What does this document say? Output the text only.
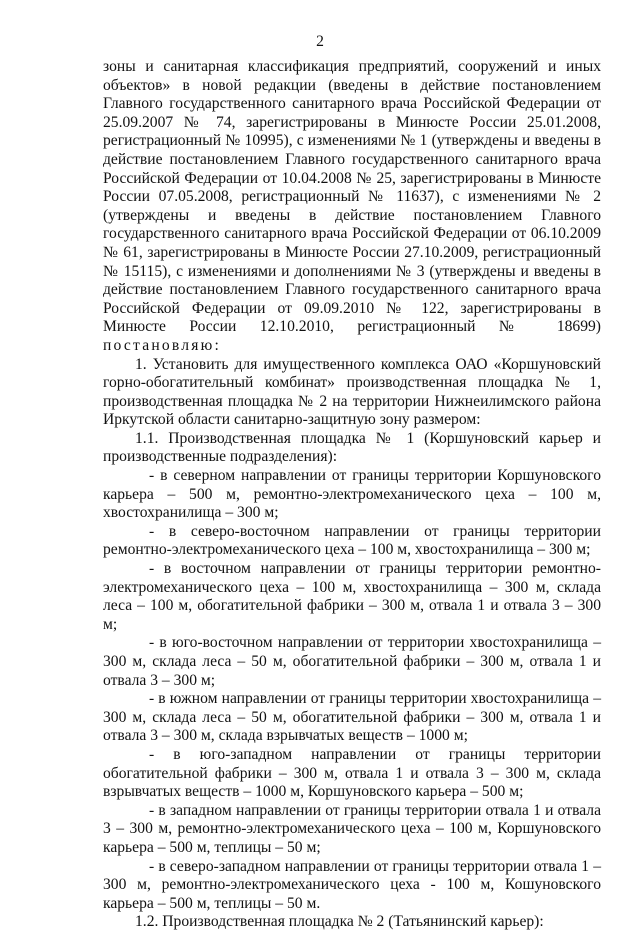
2

зоны и санитарная классификация предприятий, сооружений и иных объектов» в новой редакции (введены в действие постановлением Главного государственного санитарного врача Российской Федерации от 25.09.2007 № 74, зарегистрированы в Минюсте России 25.01.2008, регистрационный № 10995), с изменениями № 1 (утверждены и введены в действие постановлением Главного государственного санитарного врача Российской Федерации от 10.04.2008 № 25, зарегистрированы в Минюсте России 07.05.2008, регистрационный № 11637), с изменениями № 2 (утверждены и введены в действие постановлением Главного государственного санитарного врача Российской Федерации от 06.10.2009 № 61, зарегистрированы в Минюсте России 27.10.2009, регистрационный № 15115), с изменениями и дополнениями № 3 (утверждены и введены в действие постановлением Главного государственного санитарного врача Российской Федерации от 09.09.2010 № 122, зарегистрированы в Минюсте России 12.10.2010, регистрационный № 18699) постановляю:

1. Установить для имущественного комплекса ОАО «Коршуновский горно-обогатительный комбинат» производственная площадка № 1, производственная площадка № 2 на территории Нижнеилимского района Иркутской области санитарно-защитную зону размером:

1.1. Производственная площадка № 1 (Коршуновский карьер и производственные подразделения):

- в северном направлении от границы территории Коршуновского карьера – 500 м, ремонтно-электромеханического цеха – 100 м, хвостохранилища – 300 м;

- в северо-восточном направлении от границы территории ремонтно-электромеханического цеха – 100 м, хвостохранилища – 300 м;

- в восточном направлении от границы территории ремонтно-электромеханического цеха – 100 м, хвостохранилища – 300 м, склада леса – 100 м, обогатительной фабрики – 300 м, отвала 1 и отвала 3 – 300 м;

- в юго-восточном направлении от территории хвостохранилища – 300 м, склада леса – 50 м, обогатительной фабрики – 300 м, отвала 1 и отвала 3 – 300 м;

- в южном направлении от границы территории хвостохранилища – 300 м, склада леса – 50 м, обогатительной фабрики – 300 м, отвала 1 и отвала 3 – 300 м, склада взрывчатых веществ – 1000 м;

- в юго-западном направлении от границы территории обогатительной фабрики – 300 м, отвала 1 и отвала 3 – 300 м, склада взрывчатых веществ – 1000 м, Коршуновского карьера – 500 м;

- в западном направлении от границы территории отвала 1 и отвала 3 – 300 м, ремонтно-электромеханического цеха – 100 м, Коршуновского карьера – 500 м, теплицы – 50 м;

- в северо-западном направлении от границы территории отвала 1 – 300 м, ремонтно-электромеханического цеха - 100 м, Кошуновского карьера – 500 м, теплицы – 50 м.

1.2. Производственная площадка № 2 (Татьянинский карьер):
